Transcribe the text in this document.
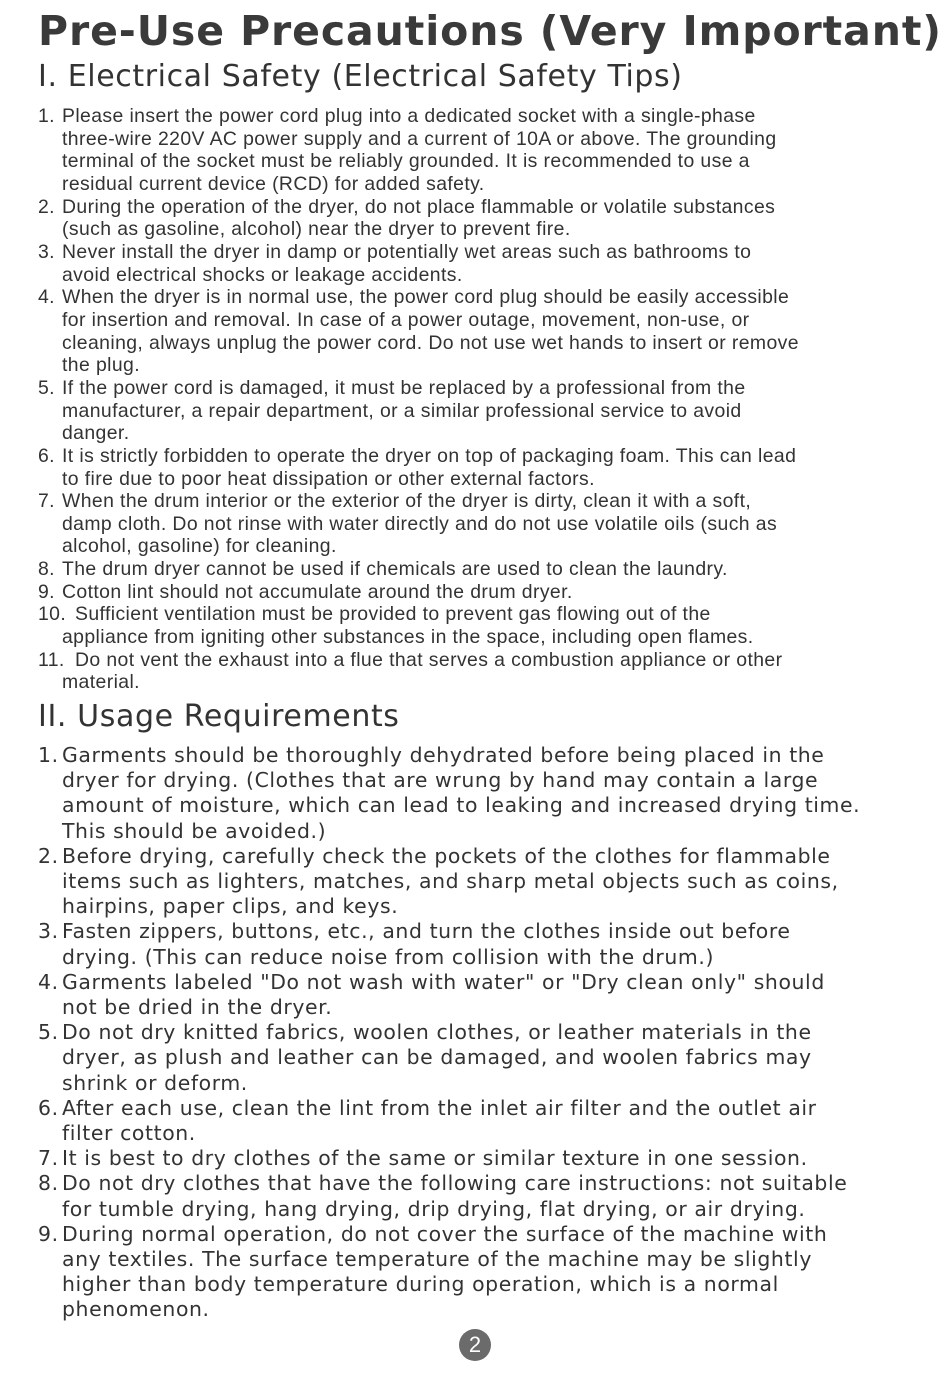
Pre-Use Precautions (Very Important)
I. Electrical Safety (Electrical Safety Tips)
1. Please insert the power cord plug into a dedicated socket with a single-phase
three-wire 220V AC power supply and a current of 10A or above. The grounding
terminal of the socket must be reliably grounded. It is recommended to use a
residual current device (RCD) for added safety.
2. During the operation of the dryer, do not place flammable or volatile substances
(such as gasoline, alcohol) near the dryer to prevent fire.
3. Never install the dryer in damp or potentially wet areas such as bathrooms to
avoid electrical shocks or leakage accidents.
4. When the dryer is in normal use, the power cord plug should be easily accessible
for insertion and removal. In case of a power outage, movement, non-use, or
cleaning, always unplug the power cord. Do not use wet hands to insert or remove
the plug.
5. If the power cord is damaged, it must be replaced by a professional from the
manufacturer, a repair department, or a similar professional service to avoid
danger.
6. It is strictly forbidden to operate the dryer on top of packaging foam. This can lead
to fire due to poor heat dissipation or other external factors.
7. When the drum interior or the exterior of the dryer is dirty, clean it with a soft,
damp cloth. Do not rinse with water directly and do not use volatile oils (such as
alcohol, gasoline) for cleaning.
8. The drum dryer cannot be used if chemicals are used to clean the laundry.
9. Cotton lint should not accumulate around the drum dryer.
10. Sufficient ventilation must be provided to prevent gas flowing out of the
appliance from igniting other substances in the space, including open flames.
11. Do not vent the exhaust into a flue that serves a combustion appliance or other
material.
II. Usage Requirements
1. Garments should be thoroughly dehydrated before being placed in the
dryer for drying. (Clothes that are wrung by hand may contain a large
amount of moisture, which can lead to leaking and increased drying time.
This should be avoided.)
2. Before drying, carefully check the pockets of the clothes for flammable
items such as lighters, matches, and sharp metal objects such as coins,
hairpins, paper clips, and keys.
3. Fasten zippers, buttons, etc., and turn the clothes inside out before
drying. (This can reduce noise from collision with the drum.)
4. Garments labeled "Do not wash with water" or "Dry clean only" should
not be dried in the dryer.
5. Do not dry knitted fabrics, woolen clothes, or leather materials in the
dryer, as plush and leather can be damaged, and woolen fabrics may
shrink or deform.
6. After each use, clean the lint from the inlet air filter and the outlet air
filter cotton.
7. It is best to dry clothes of the same or similar texture in one session.
8. Do not dry clothes that have the following care instructions: not suitable
for tumble drying, hang drying, drip drying, flat drying, or air drying.
9. During normal operation, do not cover the surface of the machine with
any textiles. The surface temperature of the machine may be slightly
higher than body temperature during operation, which is a normal
phenomenon.
2
